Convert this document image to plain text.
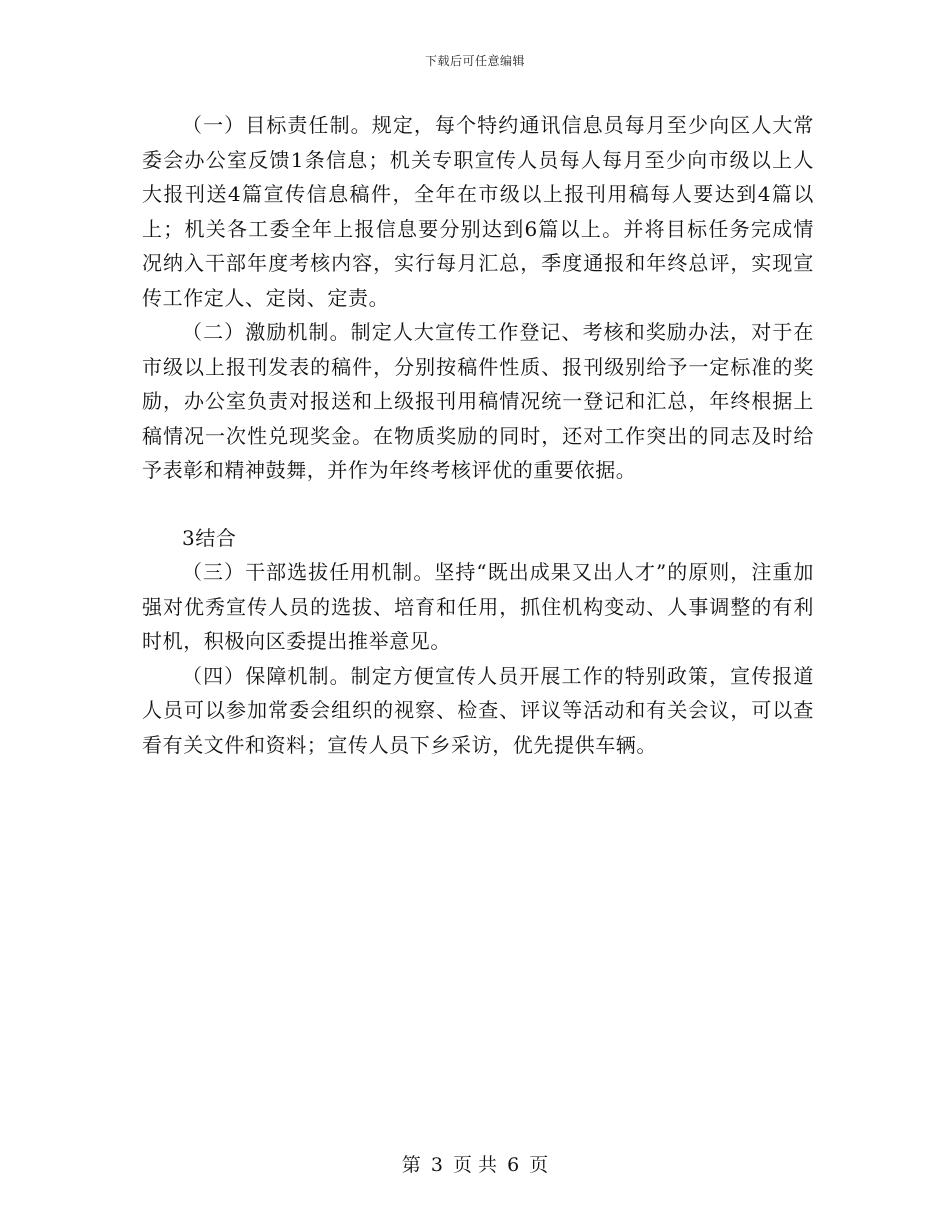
下载后可任意编辑

（一）目标责任制。规定，每个特约通讯信息员每月至少向区人大常委会办公室反馈1条信息；机关专职宣传人员每人每月至少向市级以上人大报刊送4篇宣传信息稿件，全年在市级以上报刊用稿每人要达到4篇以上；机关各工委全年上报信息要分别达到6篇以上。并将目标任务完成情况纳入干部年度考核内容，实行每月汇总，季度通报和年终总评，实现宣传工作定人、定岗、定责。

（二）激励机制。制定人大宣传工作登记、考核和奖励办法，对于在市级以上报刊发表的稿件，分别按稿件性质、报刊级别给予一定标准的奖励，办公室负责对报送和上级报刊用稿情况统一登记和汇总，年终根据上稿情况一次性兑现奖金。在物质奖励的同时，还对工作突出的同志及时给予表彰和精神鼓舞，并作为年终考核评优的重要依据。

3结合

（三）干部选拔任用机制。坚持“既出成果又出人才”的原则，注重加强对优秀宣传人员的选拔、培育和任用，抓住机构变动、人事调整的有利时机，积极向区委提出推举意见。

（四）保障机制。制定方便宣传人员开展工作的特别政策，宣传报道人员可以参加常委会组织的视察、检查、评议等活动和有关会议，可以查看有关文件和资料；宣传人员下乡采访，优先提供车辆。

第 3 页 共 6 页
